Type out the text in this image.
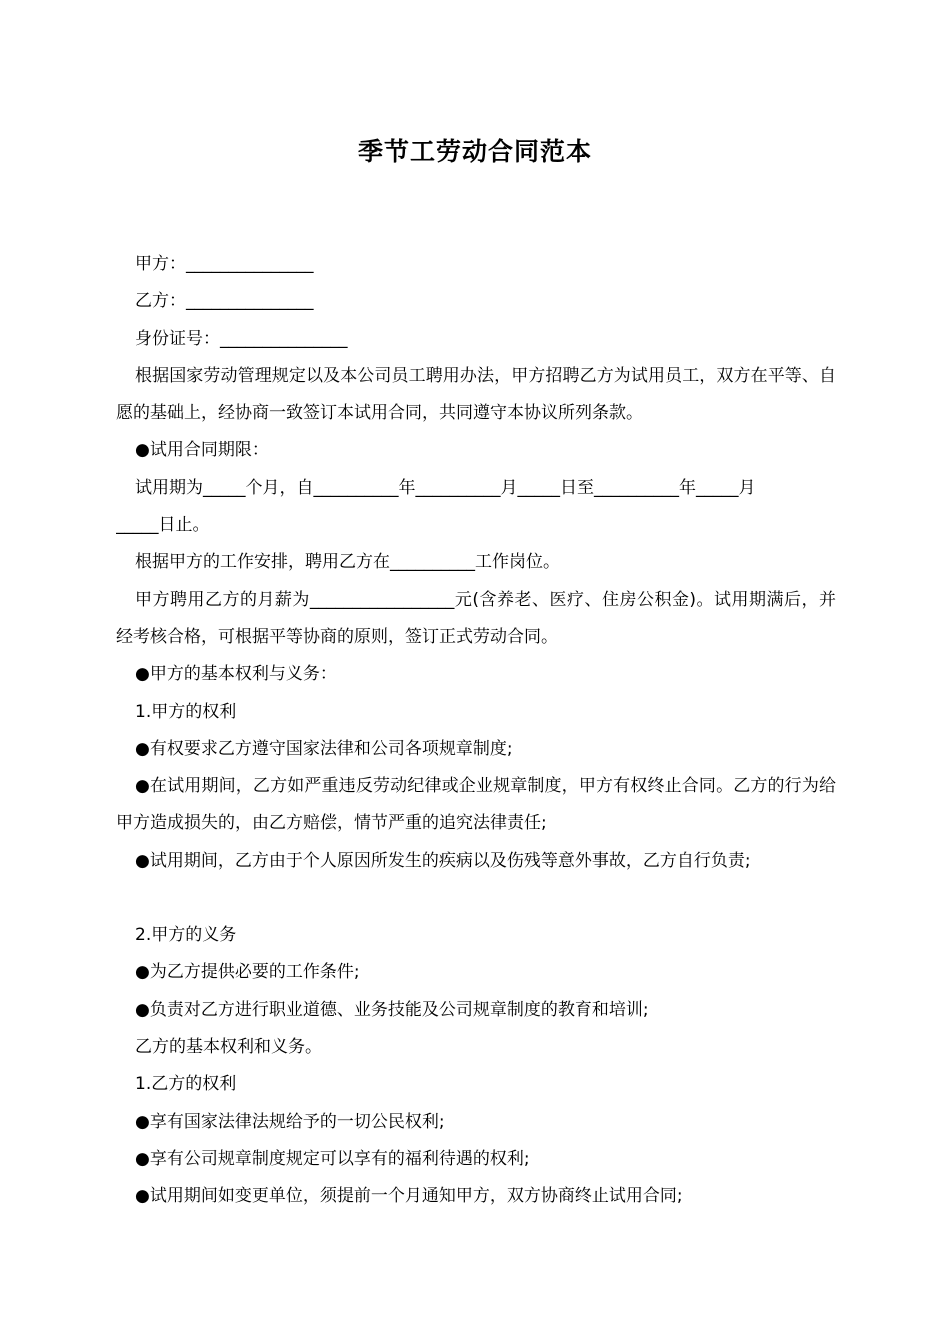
季节工劳动合同范本

甲方：_______________

乙方：_______________

身份证号：_______________

根据国家劳动管理规定以及本公司员工聘用办法，甲方招聘乙方为试用员工，双方在平等、自愿的基础上，经协商一致签订本试用合同，共同遵守本协议所列条款。

●试用合同期限：

试用期为_____个月，自__________年__________月_____日至__________年_____月

_____日止。

根据甲方的工作安排，聘用乙方在__________工作岗位。

甲方聘用乙方的月薪为_________________元(含养老、医疗、住房公积金)。试用期满后，并经考核合格，可根据平等协商的原则，签订正式劳动合同。

●甲方的基本权利与义务：

1.甲方的权利

●有权要求乙方遵守国家法律和公司各项规章制度;

●在试用期间，乙方如严重违反劳动纪律或企业规章制度，甲方有权终止合同。乙方的行为给甲方造成损失的，由乙方赔偿，情节严重的追究法律责任;

●试用期间，乙方由于个人原因所发生的疾病以及伤残等意外事故，乙方自行负责;

2.甲方的义务

●为乙方提供必要的工作条件;

●负责对乙方进行职业道德、业务技能及公司规章制度的教育和培训;

乙方的基本权利和义务。

1.乙方的权利

●享有国家法律法规给予的一切公民权利;

●享有公司规章制度规定可以享有的福利待遇的权利;

●试用期间如变更单位，须提前一个月通知甲方，双方协商终止试用合同;
